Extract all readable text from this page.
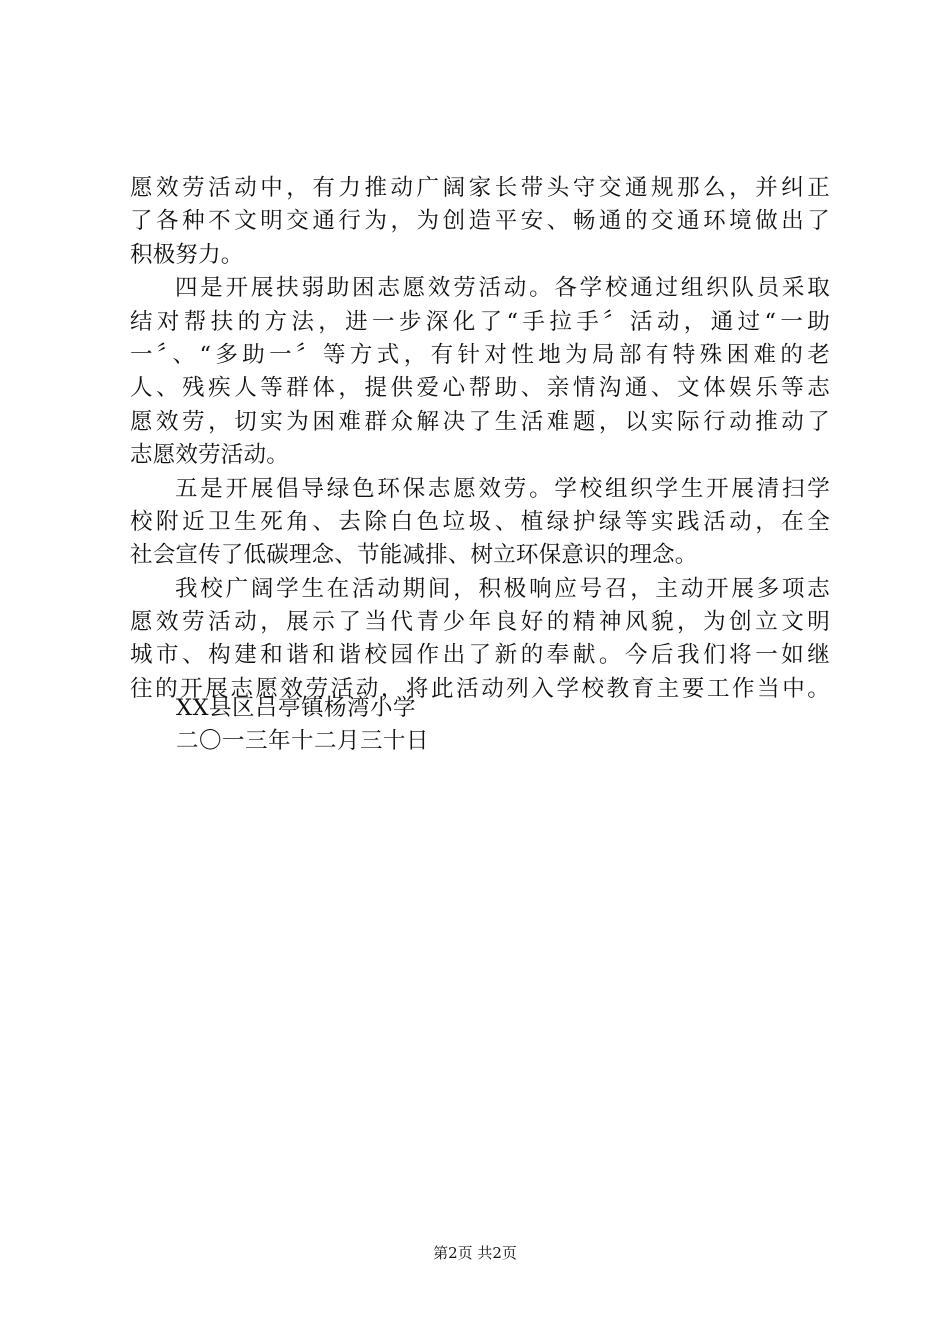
愿效劳活动中，有力推动广阔家长带头守交通规那么，并纠正
了各种不文明交通行为，为创造平安、畅通的交通环境做出了
积极努力。
四是开展扶弱助困志愿效劳活动。各学校通过组织队员采取
结对帮扶的方法，进一步深化了“手拉手〞活动，通过“一助
一〞、“多助一〞等方式，有针对性地为局部有特殊困难的老
人、残疾人等群体，提供爱心帮助、亲情沟通、文体娱乐等志
愿效劳，切实为困难群众解决了生活难题，以实际行动推动了
志愿效劳活动。
五是开展倡导绿色环保志愿效劳。学校组织学生开展清扫学
校附近卫生死角、去除白色垃圾、植绿护绿等实践活动，在全
社会宣传了低碳理念、节能减排、树立环保意识的理念。
我校广阔学生在活动期间，积极响应号召，主动开展多项志
愿效劳活动，展示了当代青少年良好的精神风貌，为创立文明
城市、构建和谐和谐校园作出了新的奉献。今后我们将一如继
往的开展志愿效劳活动，将此活动列入学校教育主要工作当中。
XX县区吕亭镇杨湾小学
二〇一三年十二月三十日
第2页 共2页
